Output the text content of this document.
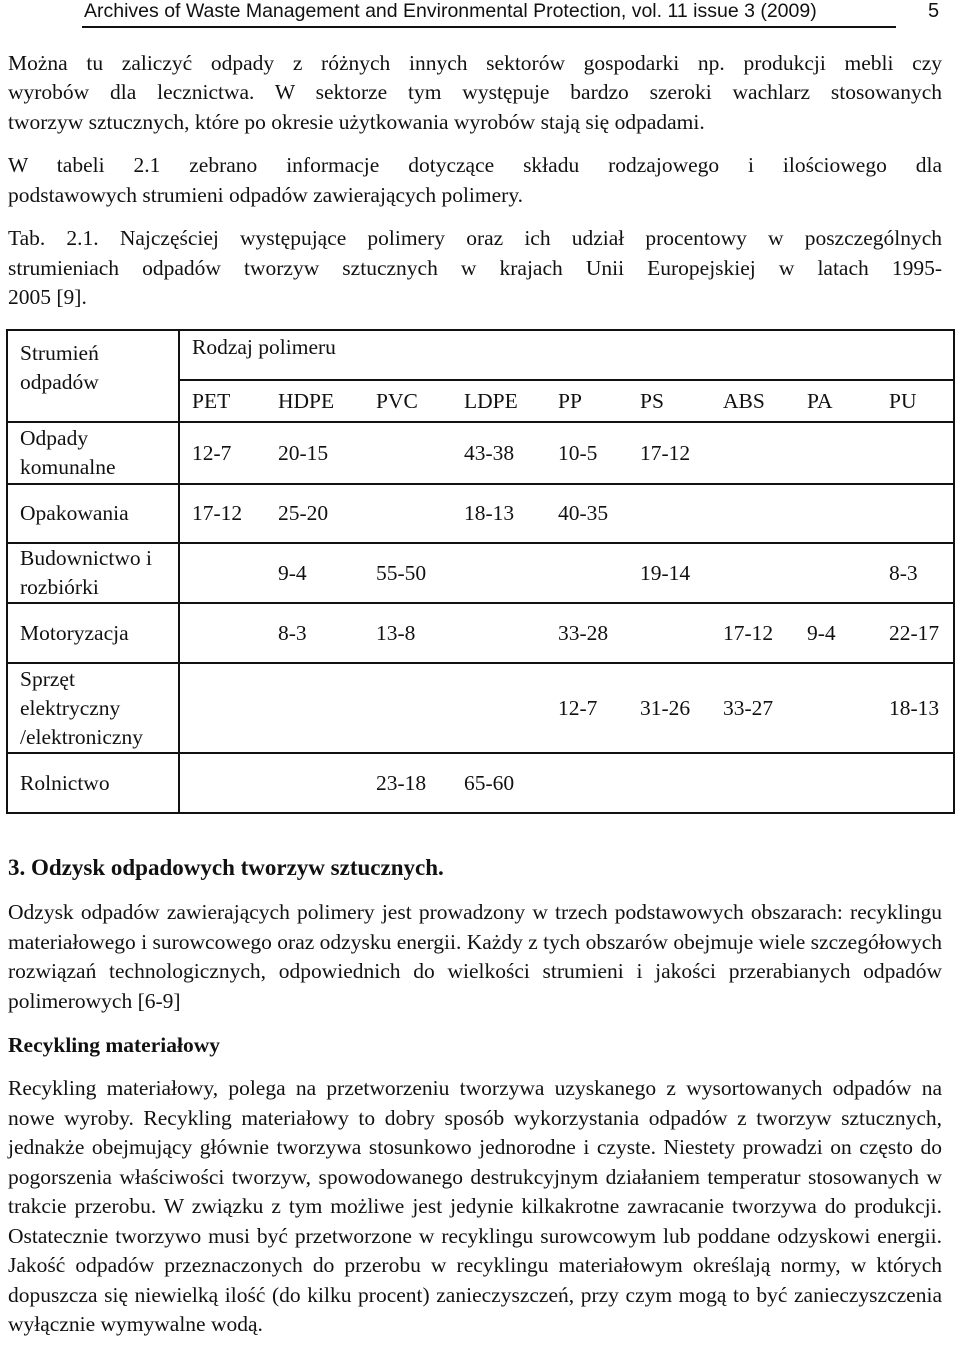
Archives of Waste Management and Environmental Protection, vol. 11 issue 3 (2009)	5
Można tu zaliczyć odpady z różnych innych sektorów gospodarki np. produkcji mebli czy
wyrobów dla lecznictwa. W sektorze tym występuje bardzo szeroki wachlarz stosowanych
tworzyw sztucznych, które po okresie użytkowania wyrobów stają się odpadami.
W tabeli 2.1 zebrano informacje dotyczące składu rodzajowego i ilościowego dla
podstawowych strumieni odpadów zawierających polimery.
Tab. 2.1. Najczęściej występujące polimery oraz ich udział procentowy w poszczególnych
strumieniach odpadów tworzyw sztucznych w krajach Unii Europejskiej w latach 1995-
2005 [9].
Strumień odpadów	Rodzaj polimeru								
	PET	HDPE	PVC	LDPE	PP	PS	ABS	PA	PU
Odpady komunalne	12-7	20-15		43-38	10-5	17-12			
Opakowania	17-12	25-20		18-13	40-35				
Budownictwo i rozbiórki		9-4	55-50			19-14			8-3
Motoryzacja		8-3	13-8		33-28		17-12	9-4	22-17
Sprzęt elektryczny /elektroniczny					12-7	31-26	33-27		18-13
Rolnictwo			23-18	65-60					
3. Odzysk odpadowych tworzyw sztucznych.
Odzysk odpadów zawierających polimery jest prowadzony w trzech podstawowych obszarach: recyklingu materiałowego i surowcowego oraz odzysku energii. Każdy z tych obszarów obejmuje wiele szczegółowych rozwiązań technologicznych, odpowiednich do wielkości strumieni i jakości przerabianych odpadów polimerowych [6-9]
Recykling materiałowy
Recykling materiałowy, polega na przetworzeniu tworzywa uzyskanego z wysortowanych odpadów na nowe wyroby. Recykling materiałowy to dobry sposób wykorzystania odpadów z tworzyw sztucznych, jednakże obejmujący głównie tworzywa stosunkowo jednorodne i czyste. Niestety prowadzi on często do pogorszenia właściwości tworzyw, spowodowanego destrukcyjnym działaniem temperatur stosowanych w trakcie przerobu. W związku z tym możliwe jest jedynie kilkakrotne zawracanie tworzywa do produkcji. Ostatecznie tworzywo musi być przetworzone w recyklingu surowcowym lub poddane odzyskowi energii. Jakość odpadów przeznaczonych do przerobu w recyklingu materiałowym określają normy, w których dopuszcza się niewielką ilość (do kilku procent) zanieczyszczeń, przy czym mogą to być zanieczyszczenia wyłącznie wymywalne wodą.
